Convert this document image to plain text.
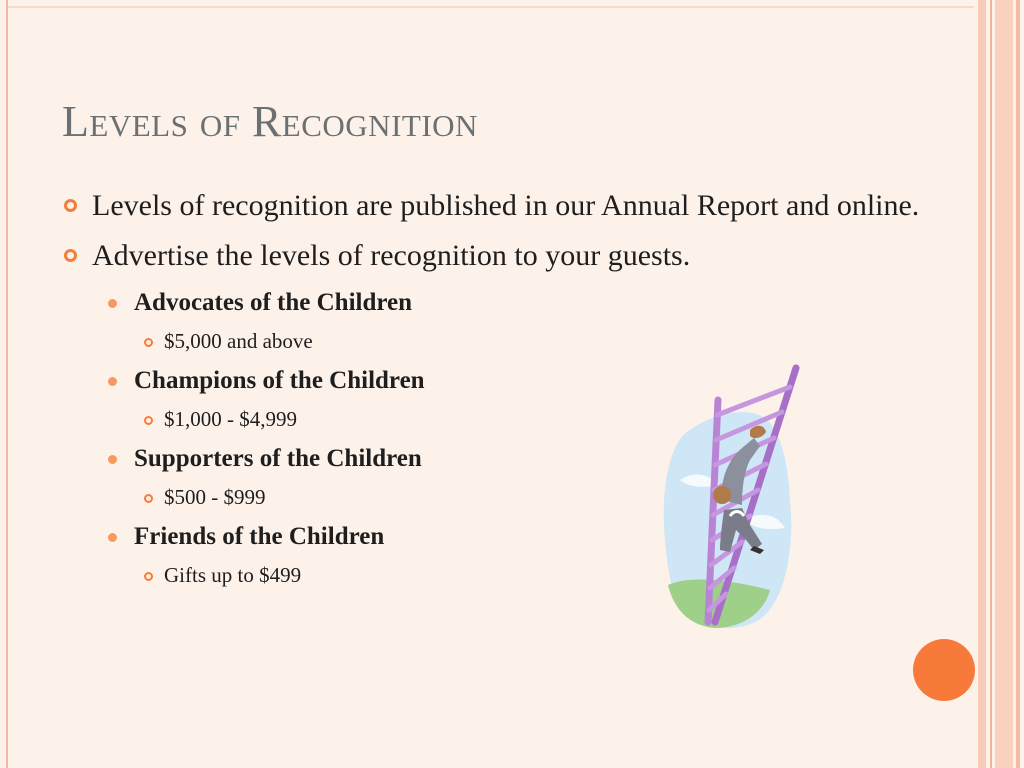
Levels of Recognition
Levels of recognition are published in our Annual Report and online.
Advertise the levels of recognition to your guests.
Advocates of the Children
$5,000 and above
Champions of the Children
$1,000 - $4,999
Supporters of the Children
$500 - $999
Friends of the Children
Gifts up to $499
